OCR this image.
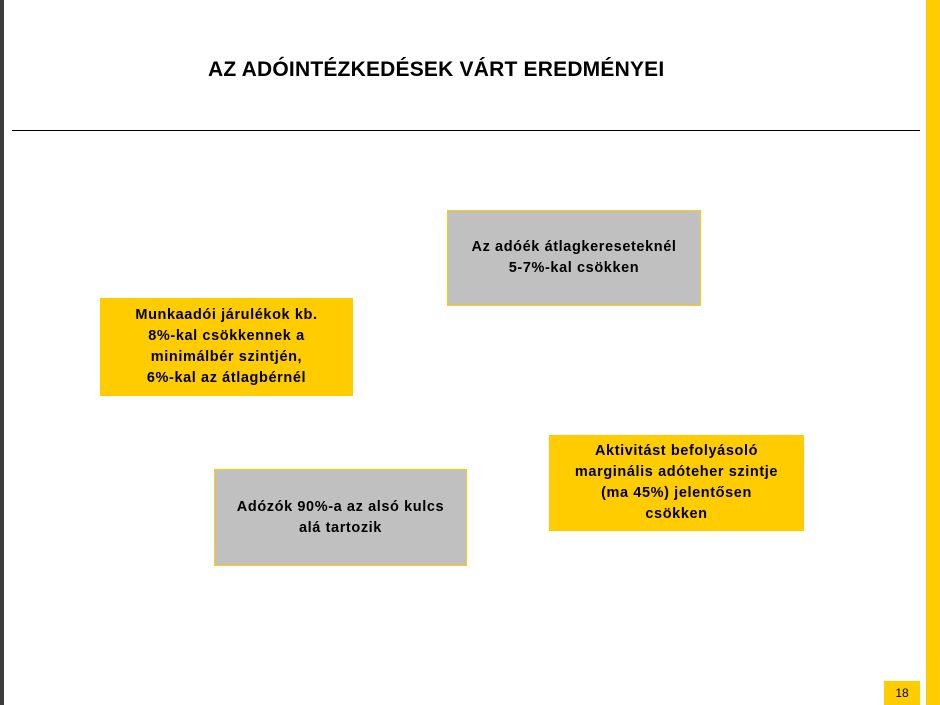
AZ ADÓINTÉZKEDÉSEK VÁRT EREDMÉNYEI
Az adóék átlagkereseteknél
5-7%-kal csökken
Munkaadói járulékok kb.
8%-kal csökkennek a
minimálbér szintjén,
6%-kal az átlagbérnél
Aktivitást befolyásoló
marginális adóteher szintje
(ma 45%) jelentősen
csökken
Adózók 90%-a az alsó kulcs
alá tartozik
18
